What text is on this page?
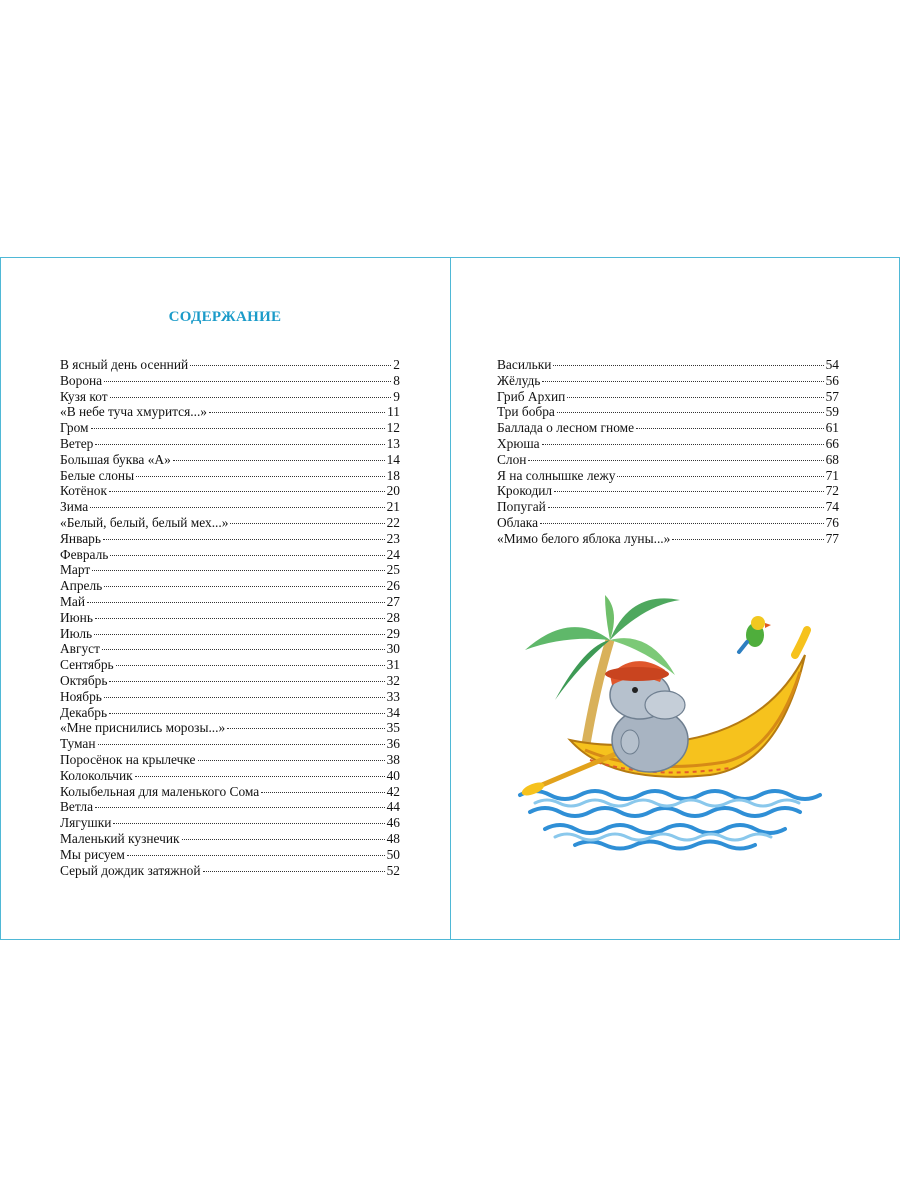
СОДЕРЖАНИЕ
В ясный день осенний	2
Ворона	8
Кузя кот	9
«В небе туча хмурится...»	11
Гром	12
Ветер	13
Большая буква «А»	14
Белые слоны	18
Котёнок	20
Зима	21
«Белый, белый, белый мех...»	22
Январь	23
Февраль	24
Март	25
Апрель	26
Май	27
Июнь	28
Июль	29
Август	30
Сентябрь	31
Октябрь	32
Ноябрь	33
Декабрь	34
«Мне приснились морозы...»	35
Туман	36
Поросёнок на крылечке	38
Колокольчик	40
Колыбельная для маленького Сома	42
Ветла	44
Лягушки	46
Маленький кузнечик	48
Мы рисуем	50
Серый дождик затяжной	52
Васильки	54
Жёлудь	56
Гриб Архип	57
Три бобра	59
Баллада о лесном гноме	61
Хрюша	66
Слон	68
Я на солнышке лежу	71
Крокодил	72
Попугай	74
Облака	76
«Мимо белого яблока луны...»	77
